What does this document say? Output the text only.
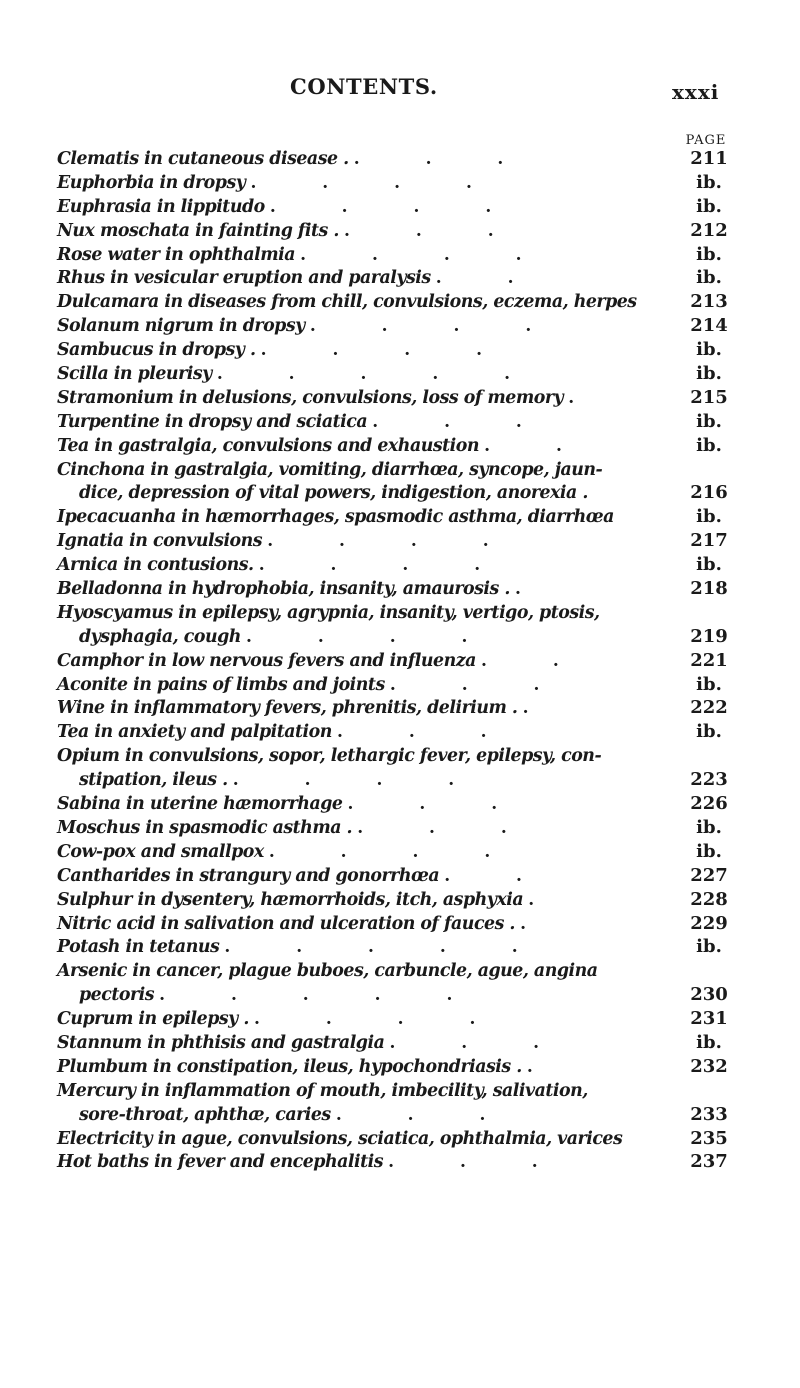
CONTENTS.	xxxi
PAGE
Clematis in cutaneous disease . . . .	211
Euphorbia in dropsy . . . .	ib.
Euphrasia in lippitudo . . . .	ib.
Nux moschata in fainting fits . . . .	212
Rose water in ophthalmia . . . .	ib.
Rhus in vesicular eruption and paralysis . .	ib.
Dulcamara in diseases from chill, convulsions, eczema, herpes	213
Solanum nigrum in dropsy . . . .	214
Sambucus in dropsy . . . . .	ib.
Scilla in pleurisy . . . . .	ib.
Stramonium in delusions, convulsions, loss of memory .	215
Turpentine in dropsy and sciatica . . .	ib.
Tea in gastralgia, convulsions and exhaustion . .	ib.
Cinchona in gastralgia, vomiting, diarrhœa, syncope, jaun-
dice, depression of vital powers, indigestion, anorexia .	216
Ipecacuanha in hæmorrhages, spasmodic asthma, diarrhœa	ib.
Ignatia in convulsions . . . .	217
Arnica in contusions. . . . .	ib.
Belladonna in hydrophobia, insanity, amaurosis . .	218
Hyoscyamus in epilepsy, agrypnia, insanity, vertigo, ptosis,
dysphagia, cough . . . .	219
Camphor in low nervous fevers and influenza . .	221
Aconite in pains of limbs and joints . . .	ib.
Wine in inflammatory fevers, phrenitis, delirium . .	222
Tea in anxiety and palpitation . . .	ib.
Opium in convulsions, sopor, lethargic fever, epilepsy, con-
stipation, ileus . . . . .	223
Sabina in uterine hæmorrhage . . .	226
Moschus in spasmodic asthma . . . .	ib.
Cow-pox and smallpox . . . .	ib.
Cantharides in strangury and gonorrhœa . .	227
Sulphur in dysentery, hæmorrhoids, itch, asphyxia .	228
Nitric acid in salivation and ulceration of fauces . .	229
Potash in tetanus . . . . .	ib.
Arsenic in cancer, plague buboes, carbuncle, ague, angina
pectoris . . . . .	230
Cuprum in epilepsy . . . . .	231
Stannum in phthisis and gastralgia . . .	ib.
Plumbum in constipation, ileus, hypochondriasis . .	232
Mercury in inflammation of mouth, imbecility, salivation,
sore-throat, aphthæ, caries . . .	233
Electricity in ague, convulsions, sciatica, ophthalmia, varices	235
Hot baths in fever and encephalitis . . .	237
